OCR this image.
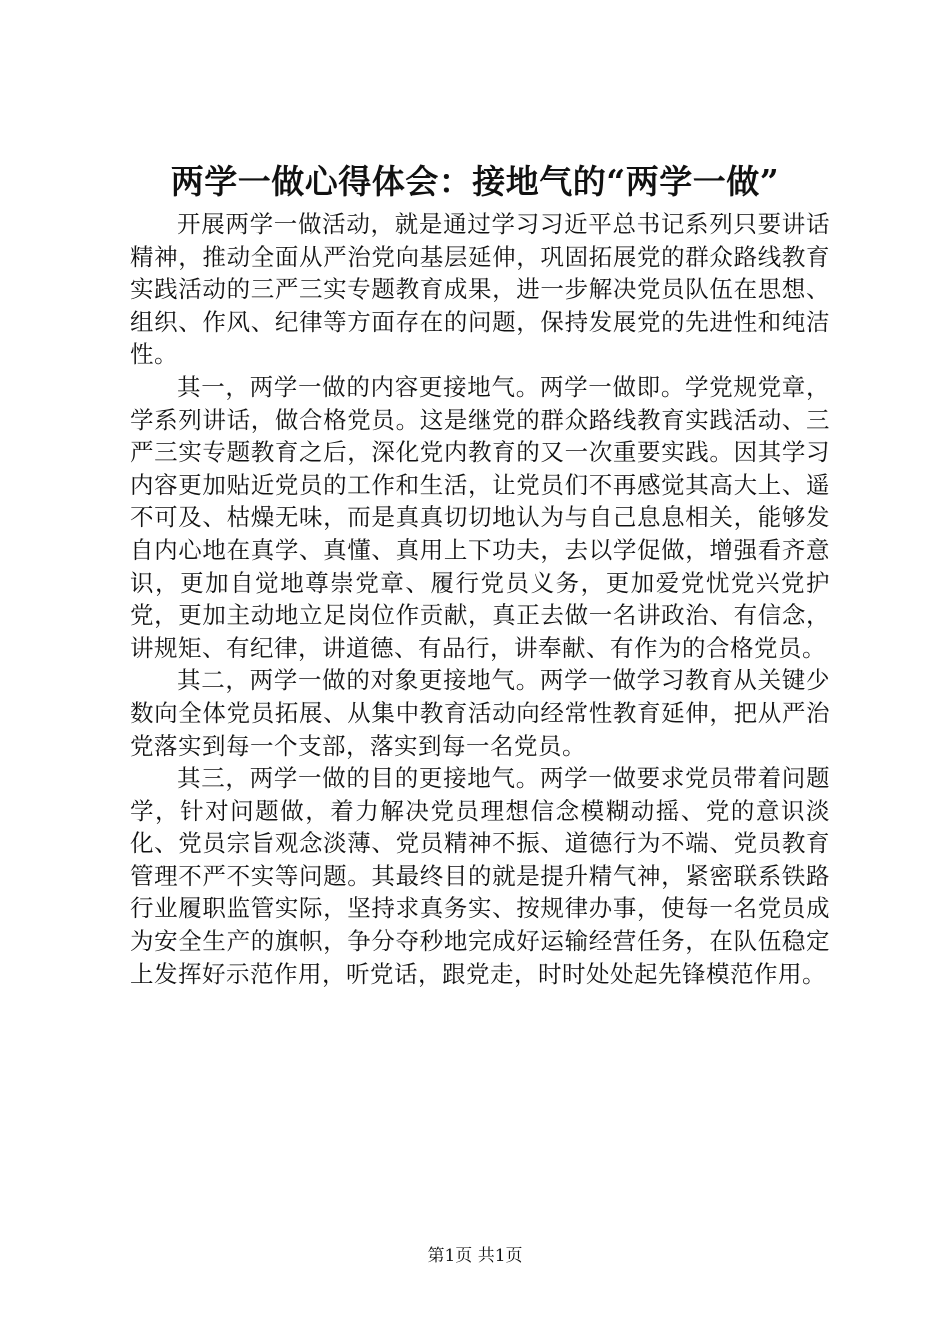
两学一做心得体会：接地气的“两学一做”

开展两学一做活动，就是通过学习习近平总书记系列只要讲话精神，推动全面从严治党向基层延伸，巩固拓展党的群众路线教育实践活动的三严三实专题教育成果，进一步解决党员队伍在思想、组织、作风、纪律等方面存在的问题，保持发展党的先进性和纯洁性。

其一，两学一做的内容更接地气。两学一做即。学党规党章，学系列讲话，做合格党员。这是继党的群众路线教育实践活动、三严三实专题教育之后，深化党内教育的又一次重要实践。因其学习内容更加贴近党员的工作和生活，让党员们不再感觉其高大上、遥不可及、枯燥无味，而是真真切切地认为与自己息息相关，能够发自内心地在真学、真懂、真用上下功夫，去以学促做，增强看齐意识，更加自觉地尊崇党章、履行党员义务，更加爱党忧党兴党护党，更加主动地立足岗位作贡献，真正去做一名讲政治、有信念，讲规矩、有纪律，讲道德、有品行，讲奉献、有作为的合格党员。

其二，两学一做的对象更接地气。两学一做学习教育从关键少数向全体党员拓展、从集中教育活动向经常性教育延伸，把从严治党落实到每一个支部，落实到每一名党员。

其三，两学一做的目的更接地气。两学一做要求党员带着问题学，针对问题做，着力解决党员理想信念模糊动摇、党的意识淡化、党员宗旨观念淡薄、党员精神不振、道德行为不端、党员教育管理不严不实等问题。其最终目的就是提升精气神，紧密联系铁路行业履职监管实际，坚持求真务实、按规律办事，使每一名党员成为安全生产的旗帜，争分夺秒地完成好运输经营任务，在队伍稳定上发挥好示范作用，听党话，跟党走，时时处处起先锋模范作用。

第1页 共1页
